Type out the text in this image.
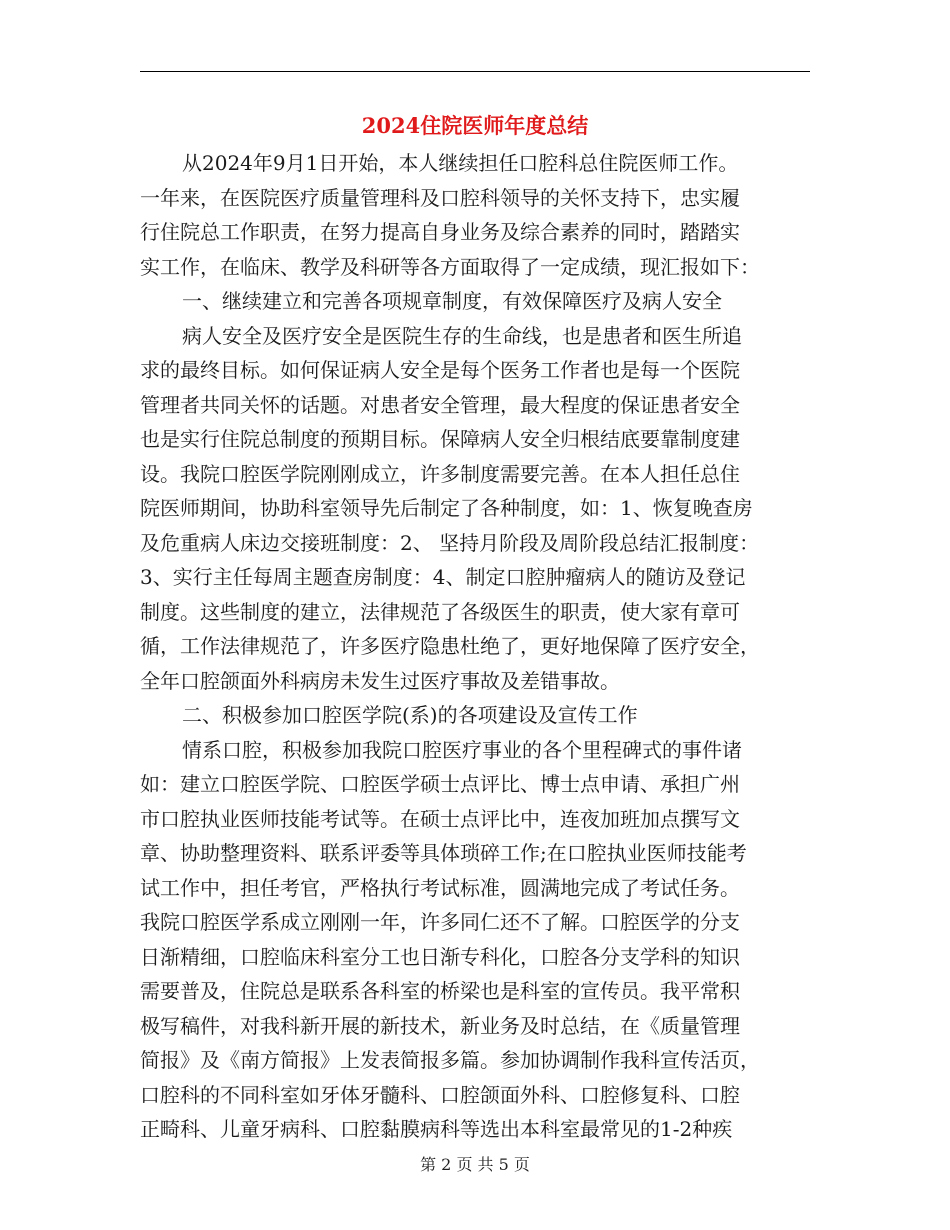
2024住院医师年度总结
从2024年9月1日开始，本人继续担任口腔科总住院医师工作。
一年来，在医院医疗质量管理科及口腔科领导的关怀支持下，忠实履
行住院总工作职责，在努力提高自身业务及综合素养的同时，踏踏实
实工作，在临床、教学及科研等各方面取得了一定成绩，现汇报如下：
一、继续建立和完善各项规章制度，有效保障医疗及病人安全
病人安全及医疗安全是医院生存的生命线，也是患者和医生所追
求的最终目标。如何保证病人安全是每个医务工作者也是每一个医院
管理者共同关怀的话题。对患者安全管理，最大程度的保证患者安全
也是实行住院总制度的预期目标。保障病人安全归根结底要靠制度建
设。我院口腔医学院刚刚成立，许多制度需要完善。在本人担任总住
院医师期间，协助科室领导先后制定了各种制度，如：1、恢复晚查房
及危重病人床边交接班制度：2、 坚持月阶段及周阶段总结汇报制度：
3、实行主任每周主题查房制度：4、制定口腔肿瘤病人的随访及登记
制度。这些制度的建立，法律规范了各级医生的职责，使大家有章可
循，工作法律规范了，许多医疗隐患杜绝了，更好地保障了医疗安全，
全年口腔颌面外科病房未发生过医疗事故及差错事故。
二、积极参加口腔医学院(系)的各项建设及宣传工作
情系口腔，积极参加我院口腔医疗事业的各个里程碑式的事件诸
如：建立口腔医学院、口腔医学硕士点评比、博士点申请、承担广州
市口腔执业医师技能考试等。在硕士点评比中，连夜加班加点撰写文
章、协助整理资料、联系评委等具体琐碎工作;在口腔执业医师技能考
试工作中，担任考官，严格执行考试标准，圆满地完成了考试任务。
我院口腔医学系成立刚刚一年，许多同仁还不了解。口腔医学的分支
日渐精细，口腔临床科室分工也日渐专科化，口腔各分支学科的知识
需要普及，住院总是联系各科室的桥梁也是科室的宣传员。我平常积
极写稿件，对我科新开展的新技术，新业务及时总结，在《质量管理
简报》及《南方简报》上发表简报多篇。参加协调制作我科宣传活页，
口腔科的不同科室如牙体牙髓科、口腔颌面外科、口腔修复科、口腔
正畸科、儿童牙病科、口腔黏膜病科等选出本科室最常见的1-2种疾
第 2 页 共 5 页
